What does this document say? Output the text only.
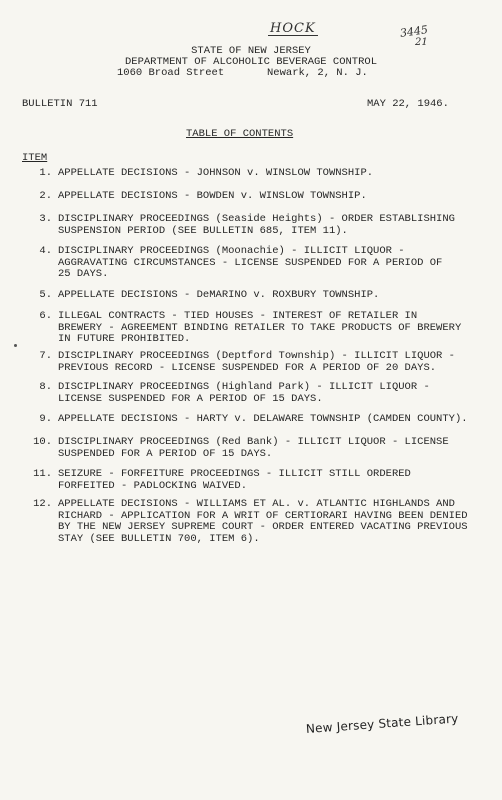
HOCK	3445
21
STATE OF NEW JERSEY
DEPARTMENT OF ALCOHOLIC BEVERAGE CONTROL
1060 Broad Street	Newark, 2, N. J.
BULLETIN 711	MAY 22, 1946.
TABLE OF CONTENTS
ITEM
1. APPELLATE DECISIONS - JOHNSON v. WINSLOW TOWNSHIP.
2. APPELLATE DECISIONS - BOWDEN v. WINSLOW TOWNSHIP.
3. DISCIPLINARY PROCEEDINGS (Seaside Heights) - ORDER ESTABLISHING
SUSPENSION PERIOD (SEE BULLETIN 685, ITEM 11).
4. DISCIPLINARY PROCEEDINGS (Moonachie) - ILLICIT LIQUOR -
AGGRAVATING CIRCUMSTANCES - LICENSE SUSPENDED FOR A PERIOD OF
25 DAYS.
5. APPELLATE DECISIONS - DeMARINO v. ROXBURY TOWNSHIP.
6. ILLEGAL CONTRACTS - TIED HOUSES - INTEREST OF RETAILER IN
BREWERY - AGREEMENT BINDING RETAILER TO TAKE PRODUCTS OF BREWERY
IN FUTURE PROHIBITED.
7. DISCIPLINARY PROCEEDINGS (Deptford Township) - ILLICIT LIQUOR -
PREVIOUS RECORD - LICENSE SUSPENDED FOR A PERIOD OF 20 DAYS.
8. DISCIPLINARY PROCEEDINGS (Highland Park) - ILLICIT LIQUOR -
LICENSE SUSPENDED FOR A PERIOD OF 15 DAYS.
9. APPELLATE DECISIONS - HARTY v. DELAWARE TOWNSHIP (CAMDEN COUNTY).
10. DISCIPLINARY PROCEEDINGS (Red Bank) - ILLICIT LIQUOR - LICENSE
SUSPENDED FOR A PERIOD OF 15 DAYS.
11. SEIZURE - FORFEITURE PROCEEDINGS - ILLICIT STILL ORDERED
FORFEITED - PADLOCKING WAIVED.
12. APPELLATE DECISIONS - WILLIAMS ET AL. v. ATLANTIC HIGHLANDS AND
RICHARD - APPLICATION FOR A WRIT OF CERTIORARI HAVING BEEN DENIED
BY THE NEW JERSEY SUPREME COURT - ORDER ENTERED VACATING PREVIOUS
STAY (SEE BULLETIN 700, ITEM 6).
New Jersey State Library
